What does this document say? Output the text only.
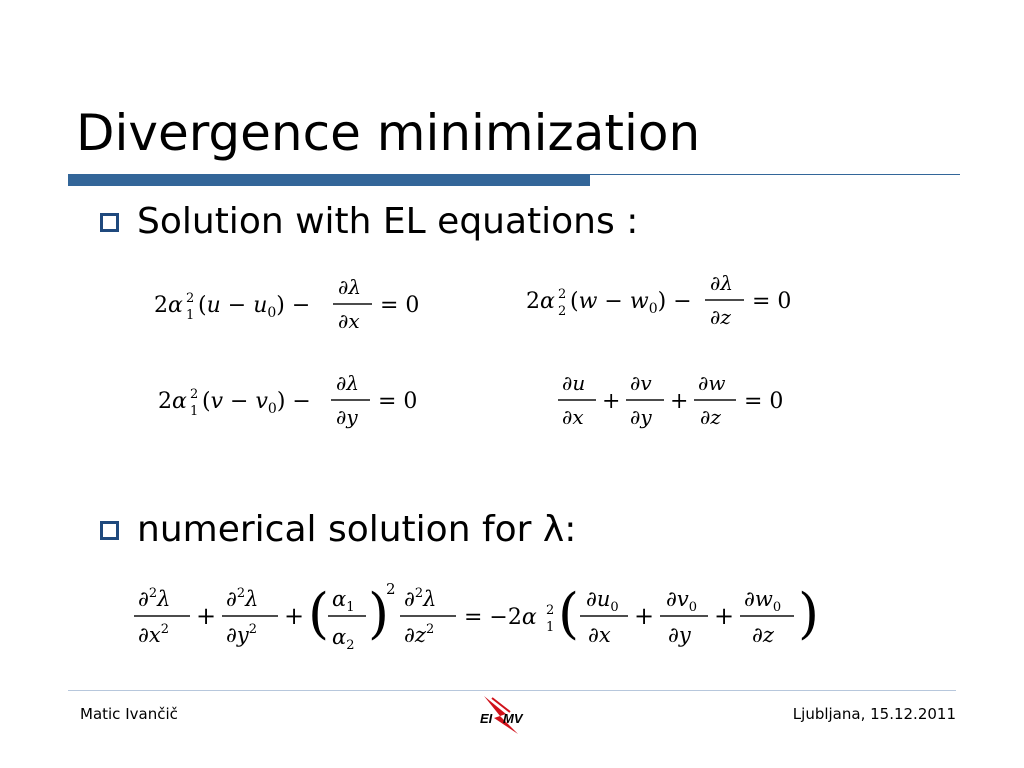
Divergence minimization
Solution with EL equations :
2α 2
1 $(u - u_0)$ −
∂λ
∂x
= 0	2α 2
2 $(w - w_0)$ −
∂λ
∂z
= 0
2α 2
1 $(v - v_0)$ −
∂λ
∂y
= 0
∂u
∂x
+
∂v
∂y
+
∂w
∂z
= 0
numerical solution for λ:
∂$^2$λ
$\partial x^2$ +
∂$^2$λ
$\partial y^2$ + ( $\alpha_1$
$\alpha_2$
)
2 ∂$^2$λ
$\partial z^2 = -2\alpha$ 2
1 ( $\partial u_0$
∂x
+
$\partial v_0$
∂y
+
$\partial w_0$
∂z )
Matic Ivančič	EI MV	Ljubljana, 15.12.2011
